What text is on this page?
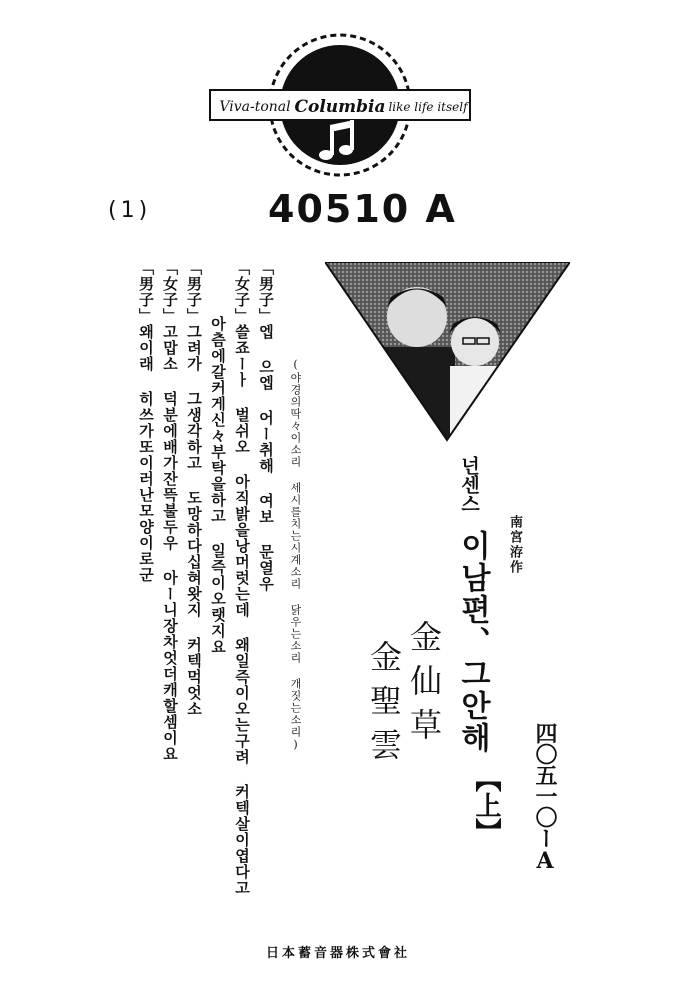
Viva-tonal Columbia like life itself
(1)	40510 A
四〇五一〇ーA
南宮洊作
넌센스
이남편、그안해
【上】
金仙草
金聖雲
(야경의딱々이소리 세시를치는시계소리 닭우는소리 개짓는소리)
「男子」엡 으엡 어ー취해 여보 문열우
「女子」쓸죠ーㅏ 벌쉬오 아직밝을낭머럿는데 왜일즉이오는구려 커텍살이엽다고
아츰에갈커게신々부탁을하고 일즉이오랫지요
「男子」그려가 그생각하고 도망하다십혀왓지 커텍먹엇소
「女子」고맙소 덕분에배가잔뜩불두우 아ー니장차엇더캐할셈이요
「男子」왜이래 히쓰가또이러난모양이로군
日本蓄音器株式會社
